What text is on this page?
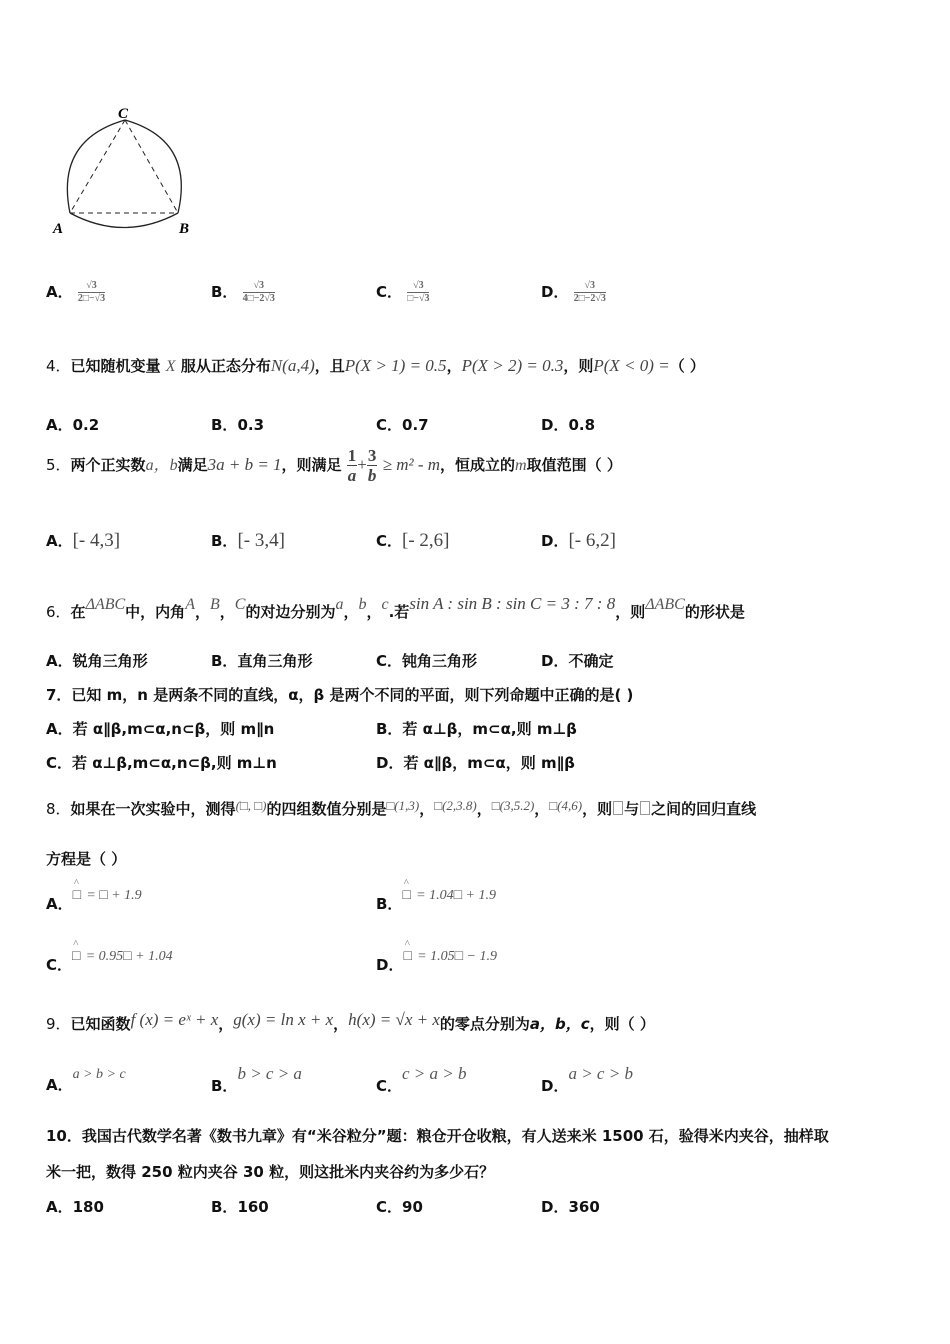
C
A	B
A． $\frac{√3}{2□-√3}$	B． $\frac{√3}{4□-2√3}$	C． $\frac{√3}{□-√3}$	D． $\frac{√3}{2□-2√3}$
4．已知随机变量 X 服从正态分布N(a,4)，且P(X > 1) = 0.5，P(X > 2) = 0.3，则P(X < 0) =（ ）
A．0.2	B．0.3	C．0.7	D．0.8
5．两个正实数a，b满足3a + b = 1，则满足 $\frac{1}{a} + \frac{3}{b} \ge m^2 - m$，恒成立的m取值范围（ ）
A．[- 4,3]	B．[- 3,4]	C．[- 2,6]	D．[- 6,2]
6．在ΔABC中，内角A，B，C的对边分别为a，b，c.若sin A : sin B : sin C = 3 : 7 : 8，则ΔABC的形状是
A．锐角三角形	B．直角三角形	C．钝角三角形	D．不确定
7．已知 m，n 是两条不同的直线，α，β 是两个不同的平面，则下列命题中正确的是( )
A．若 α∥β,m⊂α,n⊂β，则 m∥n	B．若 α⊥β，m⊂α,则 m⊥β
C．若 α⊥β,m⊂α,n⊂β,则 m⊥n	D．若 α∥β，m⊂α，则 m∥β
8．如果在一次实验中，测得(□, □)的四组数值分别是□(1,3)，□(2,3.8)，□(3,5.2)，□(4,6)，则 与 之间的回归直线
方程是（ ）
A．^ □ = □ + 1.9	B．^ □ = 1.04□ + 1.9
C．^ □ = 0.95□ + 1.04	D．^ □ = 1.05□ − 1.9
9．已知函数f (x) = eˣ + x，g(x) = ln x + x，h(x) = √x + x的零点分别为a，b，c，则（ ）
A．a > b > c
B．b > c > a
C．c > a > b
D．a > c > b
10．我国古代数学名著《数书九章》有“米谷粒分”题：粮仓开仓收粮，有人送来米 1500 石，验得米内夹谷，抽样取
米一把，数得 250 粒内夹谷 30 粒，则这批米内夹谷约为多少石？
A．180	B．160	C．90	D．360
